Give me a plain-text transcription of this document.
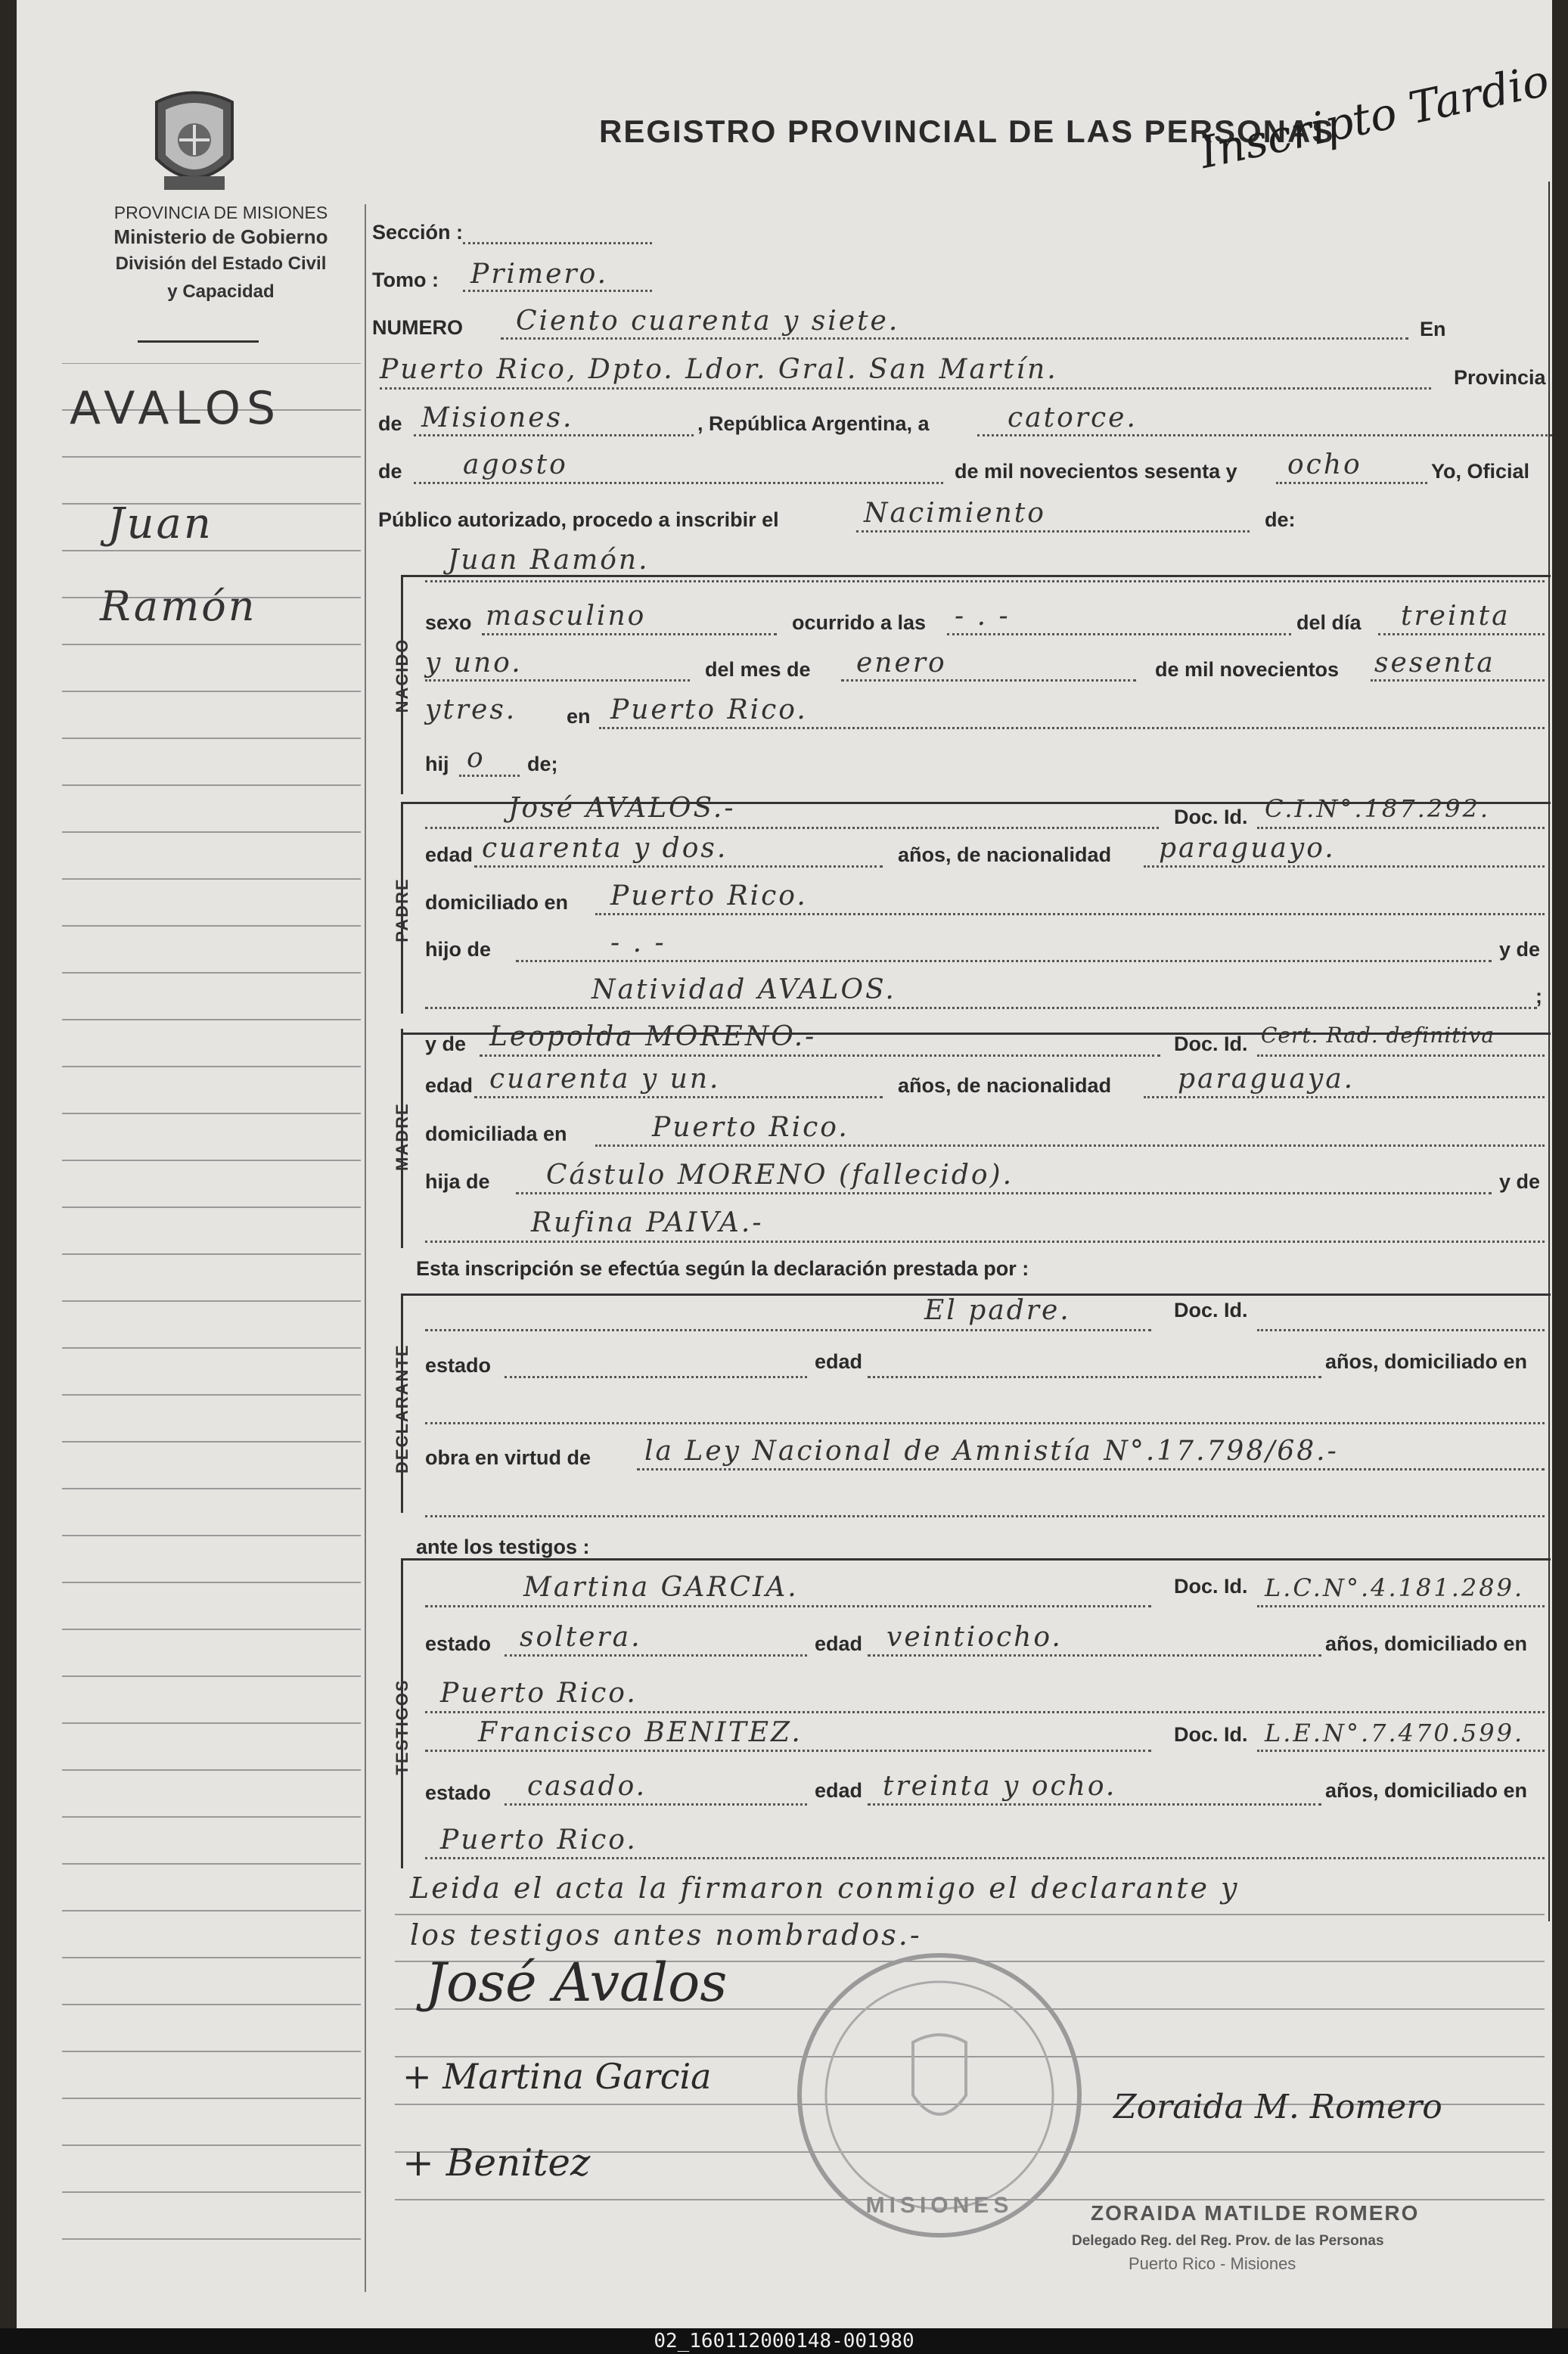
PROVINCIA DE MISIONES
Ministerio de Gobierno
División del Estado Civil
y Capacidad
REGISTRO PROVINCIAL DE LAS PERSONAS
Inscripto Tardio
AVALOS
Juan
Ramón
Sección :
Tomo : Primero.
NUMERO Ciento cuarenta y siete.	En
Puerto Rico, Dpto. Ldor. Gral. San Martín.	Provincia
de Misiones.	, República Argentina, a	catorce.
de agosto	de mil novecientos sesenta y ocho	Yo, Oficial
Público autorizado, procedo a inscribir el	Nacimiento	de:
NACIDO
PADRE
MADRE
DECLARANTE
TESTIGOS
Juan Ramón.
sexo masculino	ocurrido a las - . -	del día treinta
y uno.	del mes de enero	de mil novecientos sesenta
ytres. en Puerto Rico.
hij o de;
José AVALOS.-	Doc. Id. C.I.N°.187.292.
edad cuarenta y dos.	años, de nacionalidad paraguayo.
domiciliado en Puerto Rico.
hijo de	- . -	y de
Natividad AVALOS.	;
y de Leopolda MORENO.-	Doc. Id. Cert. Rad. definitiva
edad cuarenta y un.	años, de nacionalidad paraguaya.
domiciliada en	Puerto Rico.
hija de Cástulo MORENO (fallecido).	y de
Rufina PAIVA.-
Esta inscripción se efectúa según la declaración prestada por :
El padre.	Doc. Id.
estado	edad	años, domiciliado en
obra en virtud de la Ley Nacional de Amnistía N°.17.798/68.-
ante los testigos :
Martina GARCIA.	Doc. Id. L.C.N°.4.181.289.
estado soltera.	edad veintiocho.	años, domiciliado en
Puerto Rico.
Francisco BENITEZ.	Doc. Id. L.E.N°.7.470.599.
estado casado.	edad treinta y ocho.	años, domiciliado en
Puerto Rico.
Leida el acta la firmaron conmigo el declarante y
los testigos antes nombrados.-
José Avalos
+ Martina Garcia
+ Benitez
Zoraida M. Romero
MISIONES	ZORAIDA MATILDE ROMERO
Delegado Reg. del Reg. Prov. de las Personas
Puerto Rico - Misiones
02_160112000148-001980
